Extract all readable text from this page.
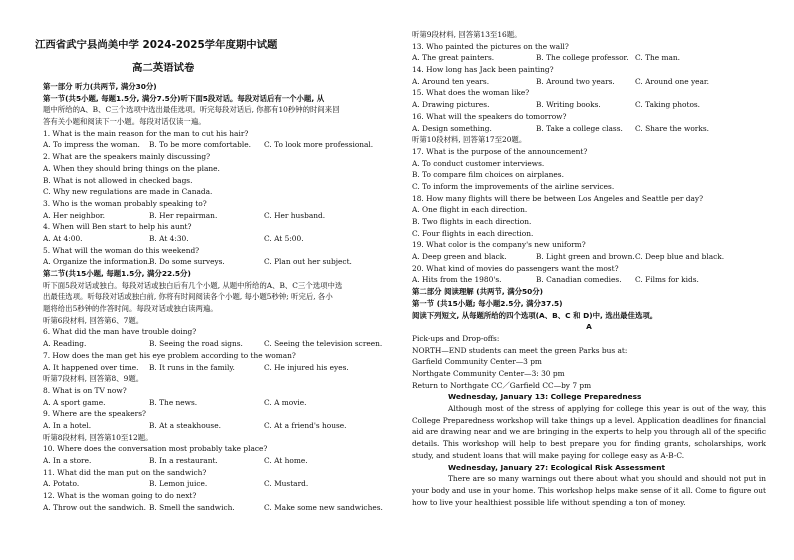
江西省武宁县尚美中学 2024-2025学年度期中试题
高二英语试卷
第一部分 听力(共两节, 满分30分)
第一节(共5小题, 每题1.5分, 满分7.5分)听下面5段对话。每段对话后有一个小题, 从
题中所给的A、B、C三个选项中选出最佳选项。听完每段对话后, 你都有10秒钟的时间来回
答有关小题和阅读下一小题。每段对话仅读一遍。
1. What is the main reason for the man to cut his hair?
A. To impress the woman.	B. To be more comfortable.	C. To look more professional.
2. What are the speakers mainly discussing?
A. When they should bring things on the plane.
B. What is not allowed in checked bags.
C. Why new regulations are made in Canada.
3. Who is the woman probably speaking to?
A. Her neighbor.	B. Her repairman.	C. Her husband.
4. When will Ben start to help his aunt?
A. At 4:00.	B. At 4:30.	C. At 5:00.
5. What will the woman do this weekend?
A. Organize the information.
B. Do some surveys.	C. Plan out her subject.
第二节(共15小题, 每题1.5分, 满分22.5分)
听下面5段对话或独白。每段对话或独白后有几个小题, 从题中所给的A、B、C三个选项中选
出最佳选项。听每段对话或独白前, 你将有时间阅读各个小题, 每小题5秒钟; 听完后, 各小
题将给出5秒钟的作答时间。每段对话或独白读两遍。
听第6段材料, 回答第6、7题。
6. What did the man have trouble doing?
A. Reading.	B. Seeing the road signs.	C. Seeing the television screen.
7. How does the man get his eye problem according to the woman?
A. It happened over time.	B. It runs in the family.	C. He injured his eyes.
听第7段材料, 回答第8、9题。
8. What is on TV now?
A. A sport game.	B. The news.	C. A movie.
9. Where are the speakers?
A. In a hotel.	B. At a steakhouse.	C. At a friend's house.
听第8段材料, 回答第10至12题。
10. Where does the conversation most probably take place?
A. In a store.	B. In a restaurant.	C. At home.
11. What did the man put on the sandwich?
A. Potato.	B. Lemon juice.	C. Mustard.
12. What is the woman going to do next?
A. Throw out the sandwich. B. Smell the sandwich.	C. Make some new sandwiches.
听第9段材料, 回答第13至16题。
13. Who painted the pictures on the wall?
A. The great painters.	B. The college professor. C. The man.
14. How long has Jack been painting?
A. Around ten years.	B. Around two years.	C. Around one year.
15. What does the woman like?
A. Drawing pictures.	B. Writing books.	C. Taking photos.
16. What will the speakers do tomorrow?
A. Design something.	B. Take a college class.	C. Share the works.
听第10段材料, 回答第17至20题。
17. What is the purpose of the announcement?
A. To conduct customer interviews.
B. To compare film choices on airplanes.
C. To inform the improvements of the airline services.
18. How many flights will there be between Los Angeles and Seattle per day?
A. One flight in each direction.
B. Two flights in each direction.
C. Four flights in each direction.
19. What color is the company's new uniform?
A. Deep green and black.	B. Light green and brown. C. Deep blue and black.
20. What kind of movies do passengers want the most?
A. Hits from the 1980's.	B. Canadian comedies.	C. Films for kids.
第二部分 阅读理解 (共两节, 满分50分)
第一节 (共15小题; 每小题2.5分, 满分37.5)
阅读下列短文, 从每题所给的四个选项(A、B、C 和 D)中, 选出最佳选项。
A
Pick-ups and Drop-offs:
NORTH—END students can meet the green Parks bus at:
Garfield Community Center—3 pm
Northgate Community Center—3: 30 pm
Return to Northgate CC／Garfield CC—by 7 pm
Wednesday, January 13: College Preparedness
Although most of the stress of applying for college this year is out of the way, this College Preparedness workshop will take things up a level. Application deadlines for financial aid are drawing near and we are bringing in the experts to help you through all of the specific details. This workshop will help to best prepare you for finding grants, scholarships, work study, and student loans that will make paying for college easy as A-B-C.
Wednesday, January 27: Ecological Risk Assessment
There are so many warnings out there about what you should and should not put in your body and use in your home. This workshop helps make sense of it all. Come to figure out how to live your healthiest possible life without spending a ton of money.
